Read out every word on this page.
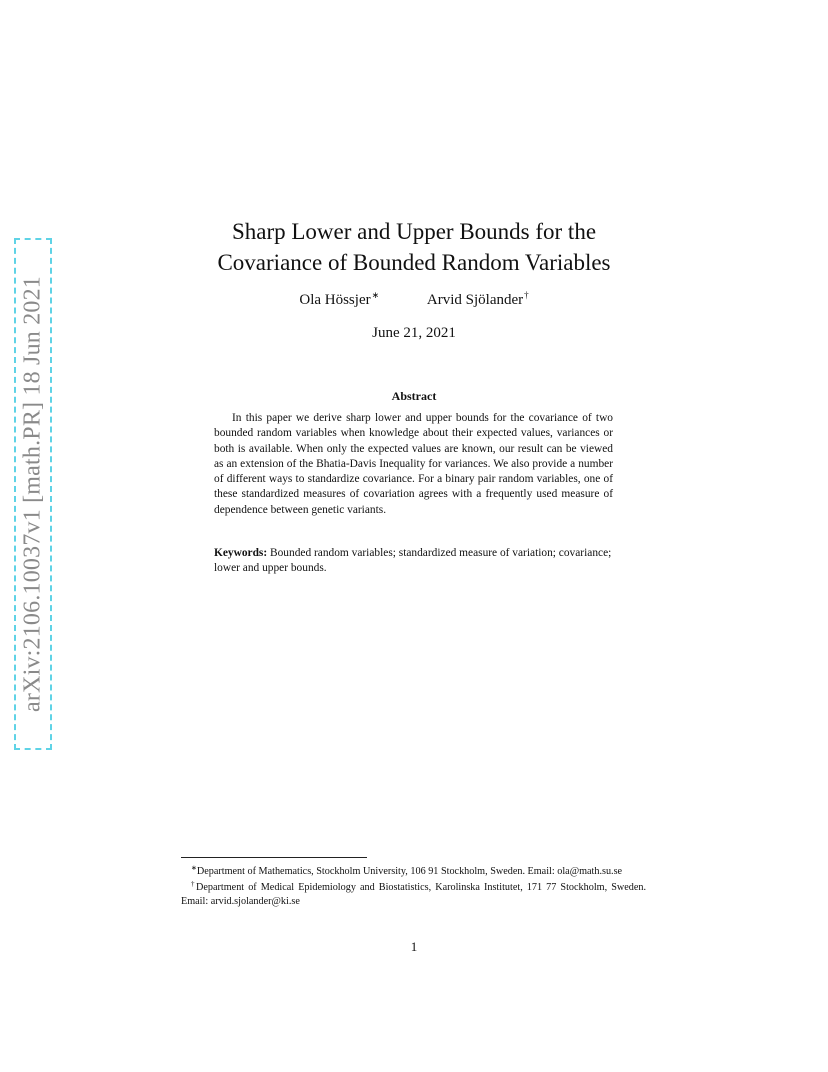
arXiv:2106.10037v1 [math.PR] 18 Jun 2021
Sharp Lower and Upper Bounds for the
Covariance of Bounded Random Variables
Ola Hössjer∗	Arvid Sjölander†
June 21, 2021
Abstract

In this paper we derive sharp lower and upper bounds for the covariance of two bounded random variables when knowledge about their expected values, variances or both is available. When only the expected values are known, our result can be viewed as an extension of the Bhatia-Davis Inequality for variances. We also provide a number of different ways to standardize covariance. For a binary pair random variables, one of these standardized measures of covariation agrees with a frequently used measure of dependence between genetic variants.

Keywords: Bounded random variables; standardized measure of variation; covariance; lower and upper bounds.

∗Department of Mathematics, Stockholm University, 106 91 Stockholm, Sweden. Email: ola@math.su.se

†Department of Medical Epidemiology and Biostatistics, Karolinska Institutet, 171 77 Stockholm, Sweden. Email: arvid.sjolander@ki.se

1
